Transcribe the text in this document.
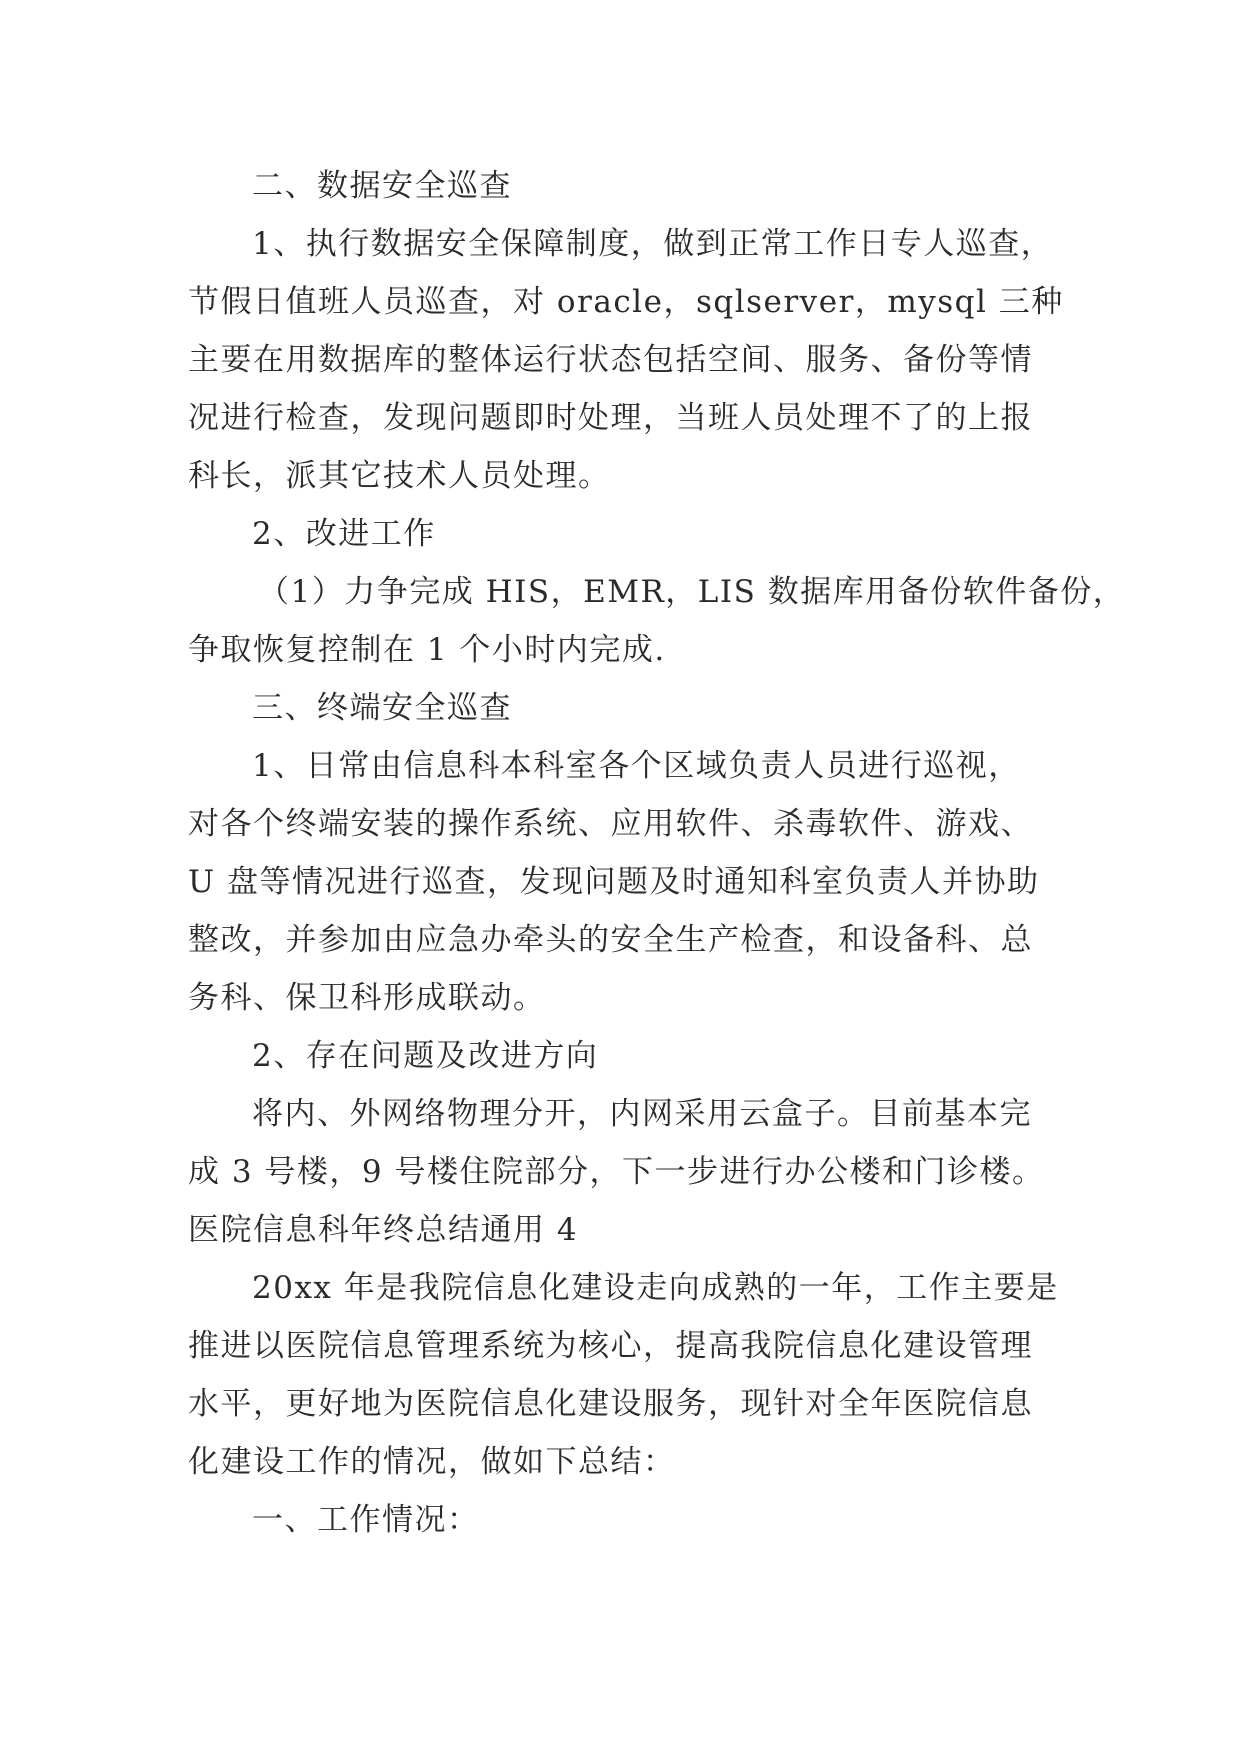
二、数据安全巡查
1、执行数据安全保障制度，做到正常工作日专人巡查，
节假日值班人员巡查，对 oracle，sqlserver，mysql 三种
主要在用数据库的整体运行状态包括空间、服务、备份等情
况进行检查，发现问题即时处理，当班人员处理不了的上报
科长，派其它技术人员处理。
2、改进工作
（1）力争完成 HIS，EMR，LIS 数据库用备份软件备份，
争取恢复控制在 1 个小时内完成.
三、终端安全巡查
1、日常由信息科本科室各个区域负责人员进行巡视，
对各个终端安装的操作系统、应用软件、杀毒软件、游戏、
U 盘等情况进行巡查，发现问题及时通知科室负责人并协助
整改，并参加由应急办牵头的安全生产检查，和设备科、总
务科、保卫科形成联动。
2、存在问题及改进方向
将内、外网络物理分开，内网采用云盒子。目前基本完
成 3 号楼，9 号楼住院部分，下一步进行办公楼和门诊楼。
医院信息科年终总结通用 4
20xx 年是我院信息化建设走向成熟的一年，工作主要是
推进以医院信息管理系统为核心，提高我院信息化建设管理
水平，更好地为医院信息化建设服务，现针对全年医院信息
化建设工作的情况，做如下总结：
一、工作情况：
